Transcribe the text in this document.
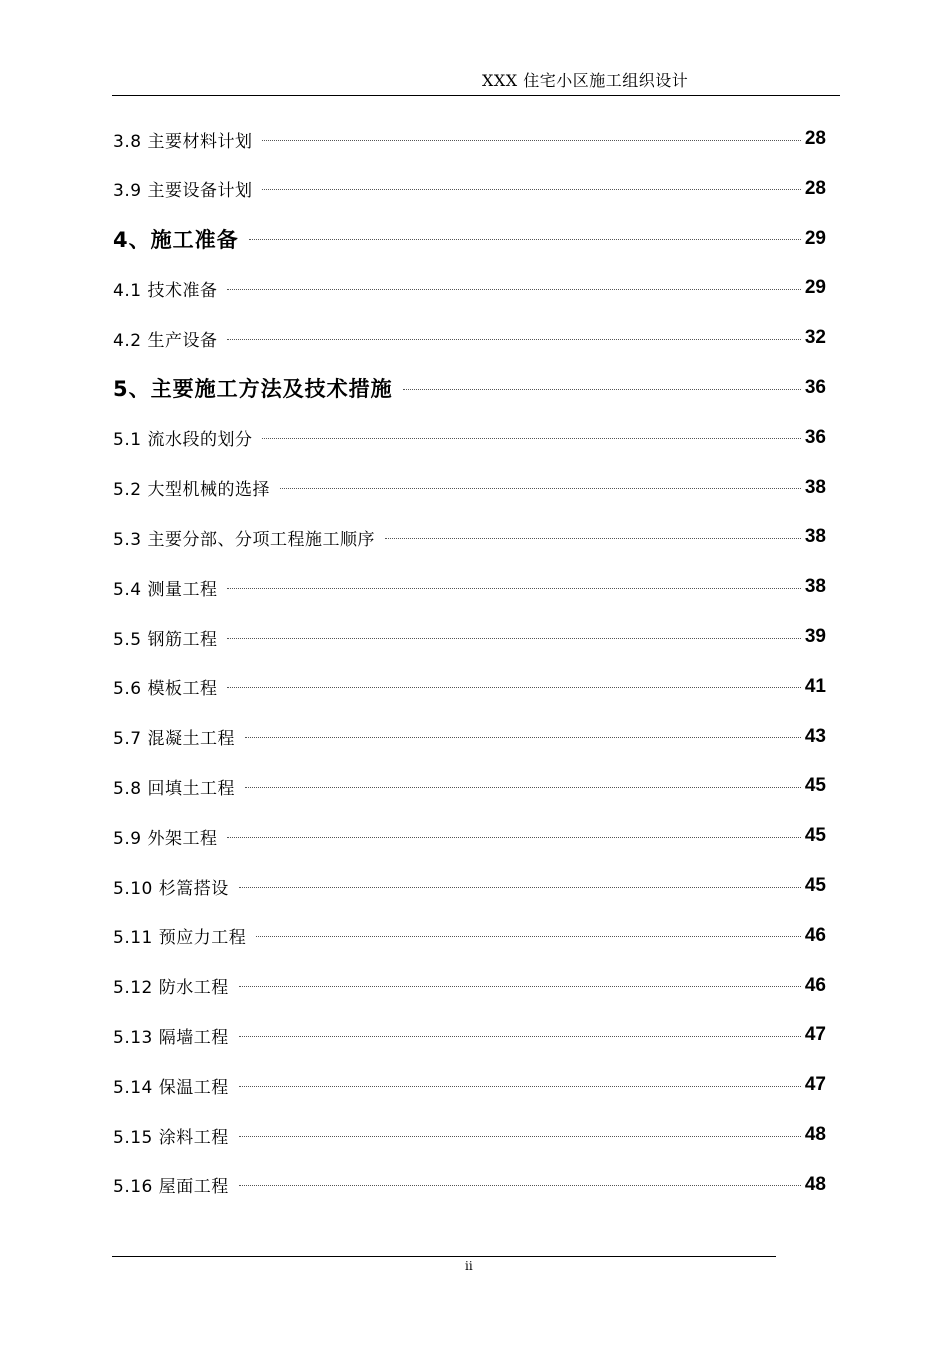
XXX 住宅小区施工组织设计
3.8 主要材料计划	28
3.9 主要设备计划	28
4、施工准备	29
4.1 技术准备	29
4.2 生产设备	32
5、主要施工方法及技术措施	36
5.1 流水段的划分	36
5.2 大型机械的选择	38
5.3 主要分部、分项工程施工顺序	38
5.4 测量工程	38
5.5 钢筋工程	39
5.6 模板工程	41
5.7 混凝土工程	43
5.8 回填土工程	45
5.9 外架工程	45
5.10 杉篙搭设	45
5.11 预应力工程	46
5.12 防水工程	46
5.13 隔墙工程	47
5.14 保温工程	47
5.15 涂料工程	48
5.16 屋面工程	48
ii
